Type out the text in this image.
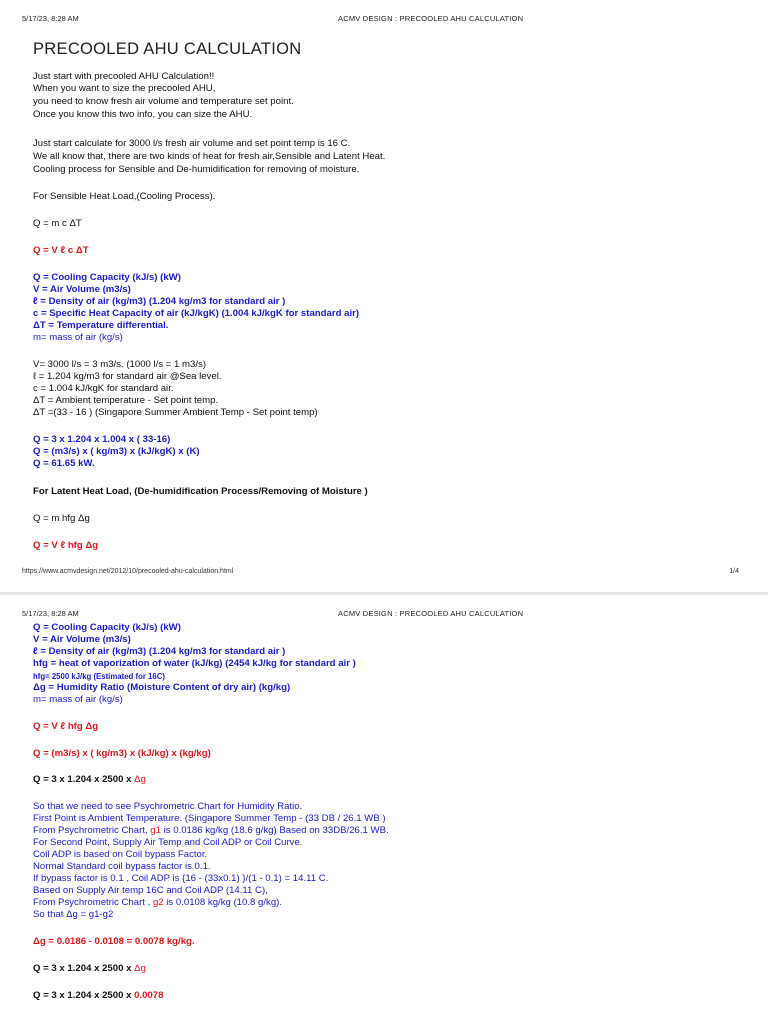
5/17/23, 8:28 AM	ACMV DESIGN : PRECOOLED AHU CALCULATION
PRECOOLED AHU CALCULATION
Just start with precooled AHU Calculation!!
When you want to size the precooled AHU,
you need to know fresh air volume and temperature set point.
Once you know this two info, you can size the AHU.
Just start calculate for 3000 l/s fresh air volume and set point temp is 16 C.
We all know that, there are two kinds of heat for fresh air,Sensible and Latent Heat.
Cooling process for Sensible and De-humidification for removing of moisture.
For Sensible Heat Load,(Cooling Process).
Q = m c ΔT
Q = V ℓ c ΔT
Q = Cooling Capacity (kJ/s) (kW)
V = Air Volume (m3/s)
ℓ = Density of air (kg/m3) (1.204 kg/m3 for standard air )
c = Specific Heat Capacity of air (kJ/kgK) (1.004 kJ/kgK for standard air)
ΔT = Temperature differential.
m= mass of air (kg/s)
V= 3000 l/s = 3 m3/s. (1000 l/s = 1 m3/s)
ℓ = 1.204 kg/m3 for standard air @Sea level.
c = 1.004 kJ/kgK for standard air.
ΔT = Ambient temperature - Set point temp.
ΔT =(33 - 16 ) (Singapore Summer Ambient Temp - Set point temp)
Q = 3 x 1.204 x 1.004 x ( 33-16)
Q = (m3/s) x ( kg/m3) x (kJ/kgK) x (K)
Q = 61.65 kW.
For Latent Heat Load, (De-humidification Process/Removing of Moisture )
Q = m hfg Δg
Q = V ℓ hfg Δg
https://www.acmvdesign.net/2012/10/precooled-ahu-calculation.html	1/4
5/17/23, 8:28 AM	ACMV DESIGN : PRECOOLED AHU CALCULATION
Q = Cooling Capacity (kJ/s) (kW)
V = Air Volume (m3/s)
ℓ = Density of air (kg/m3) (1.204 kg/m3 for standard air )
hfg = heat of vaporization of water (kJ/kg) (2454 kJ/kg for standard air )
hfg= 2500 kJ/kg (Estimated for 16C)
Δg = Humidity Ratio (Moisture Content of dry air) (kg/kg)
m= mass of air (kg/s)
Q = V ℓ hfg Δg
Q = (m3/s) x ( kg/m3) x (kJ/kg) x (kg/kg)
Q = 3 x 1.204 x 2500 x Δg
So that we need to see Psychrometric Chart for Humidity Ratio.
First Point is Ambient Temperature. (Singapore Summer Temp - (33 DB / 26.1 WB )
From Psychrometric Chart, g1 is 0.0186 kg/kg (18.6 g/kg) Based on 33DB/26.1 WB.
For Second Point, Supply Air Temp and Coil ADP or Coil Curve.
Coil ADP is based on Coil bypass Factor.
Normal Standard coil bypass factor is 0.1.
If bypass factor is 0.1 , Coil ADP is {16 - (33x0.1) }/(1 - 0.1) = 14.11 C.
Based on Supply Air temp 16C and Coil ADP (14.11 C),
From Psychrometric Chart , g2 is 0.0108 kg/kg (10.8 g/kg).
So that Δg = g1-g2
Δg = 0.0186 - 0.0108 = 0.0078 kg/kg.
Q = 3 x 1.204 x 2500 x Δg
Q = 3 x 1.204 x 2500 x 0.0078
